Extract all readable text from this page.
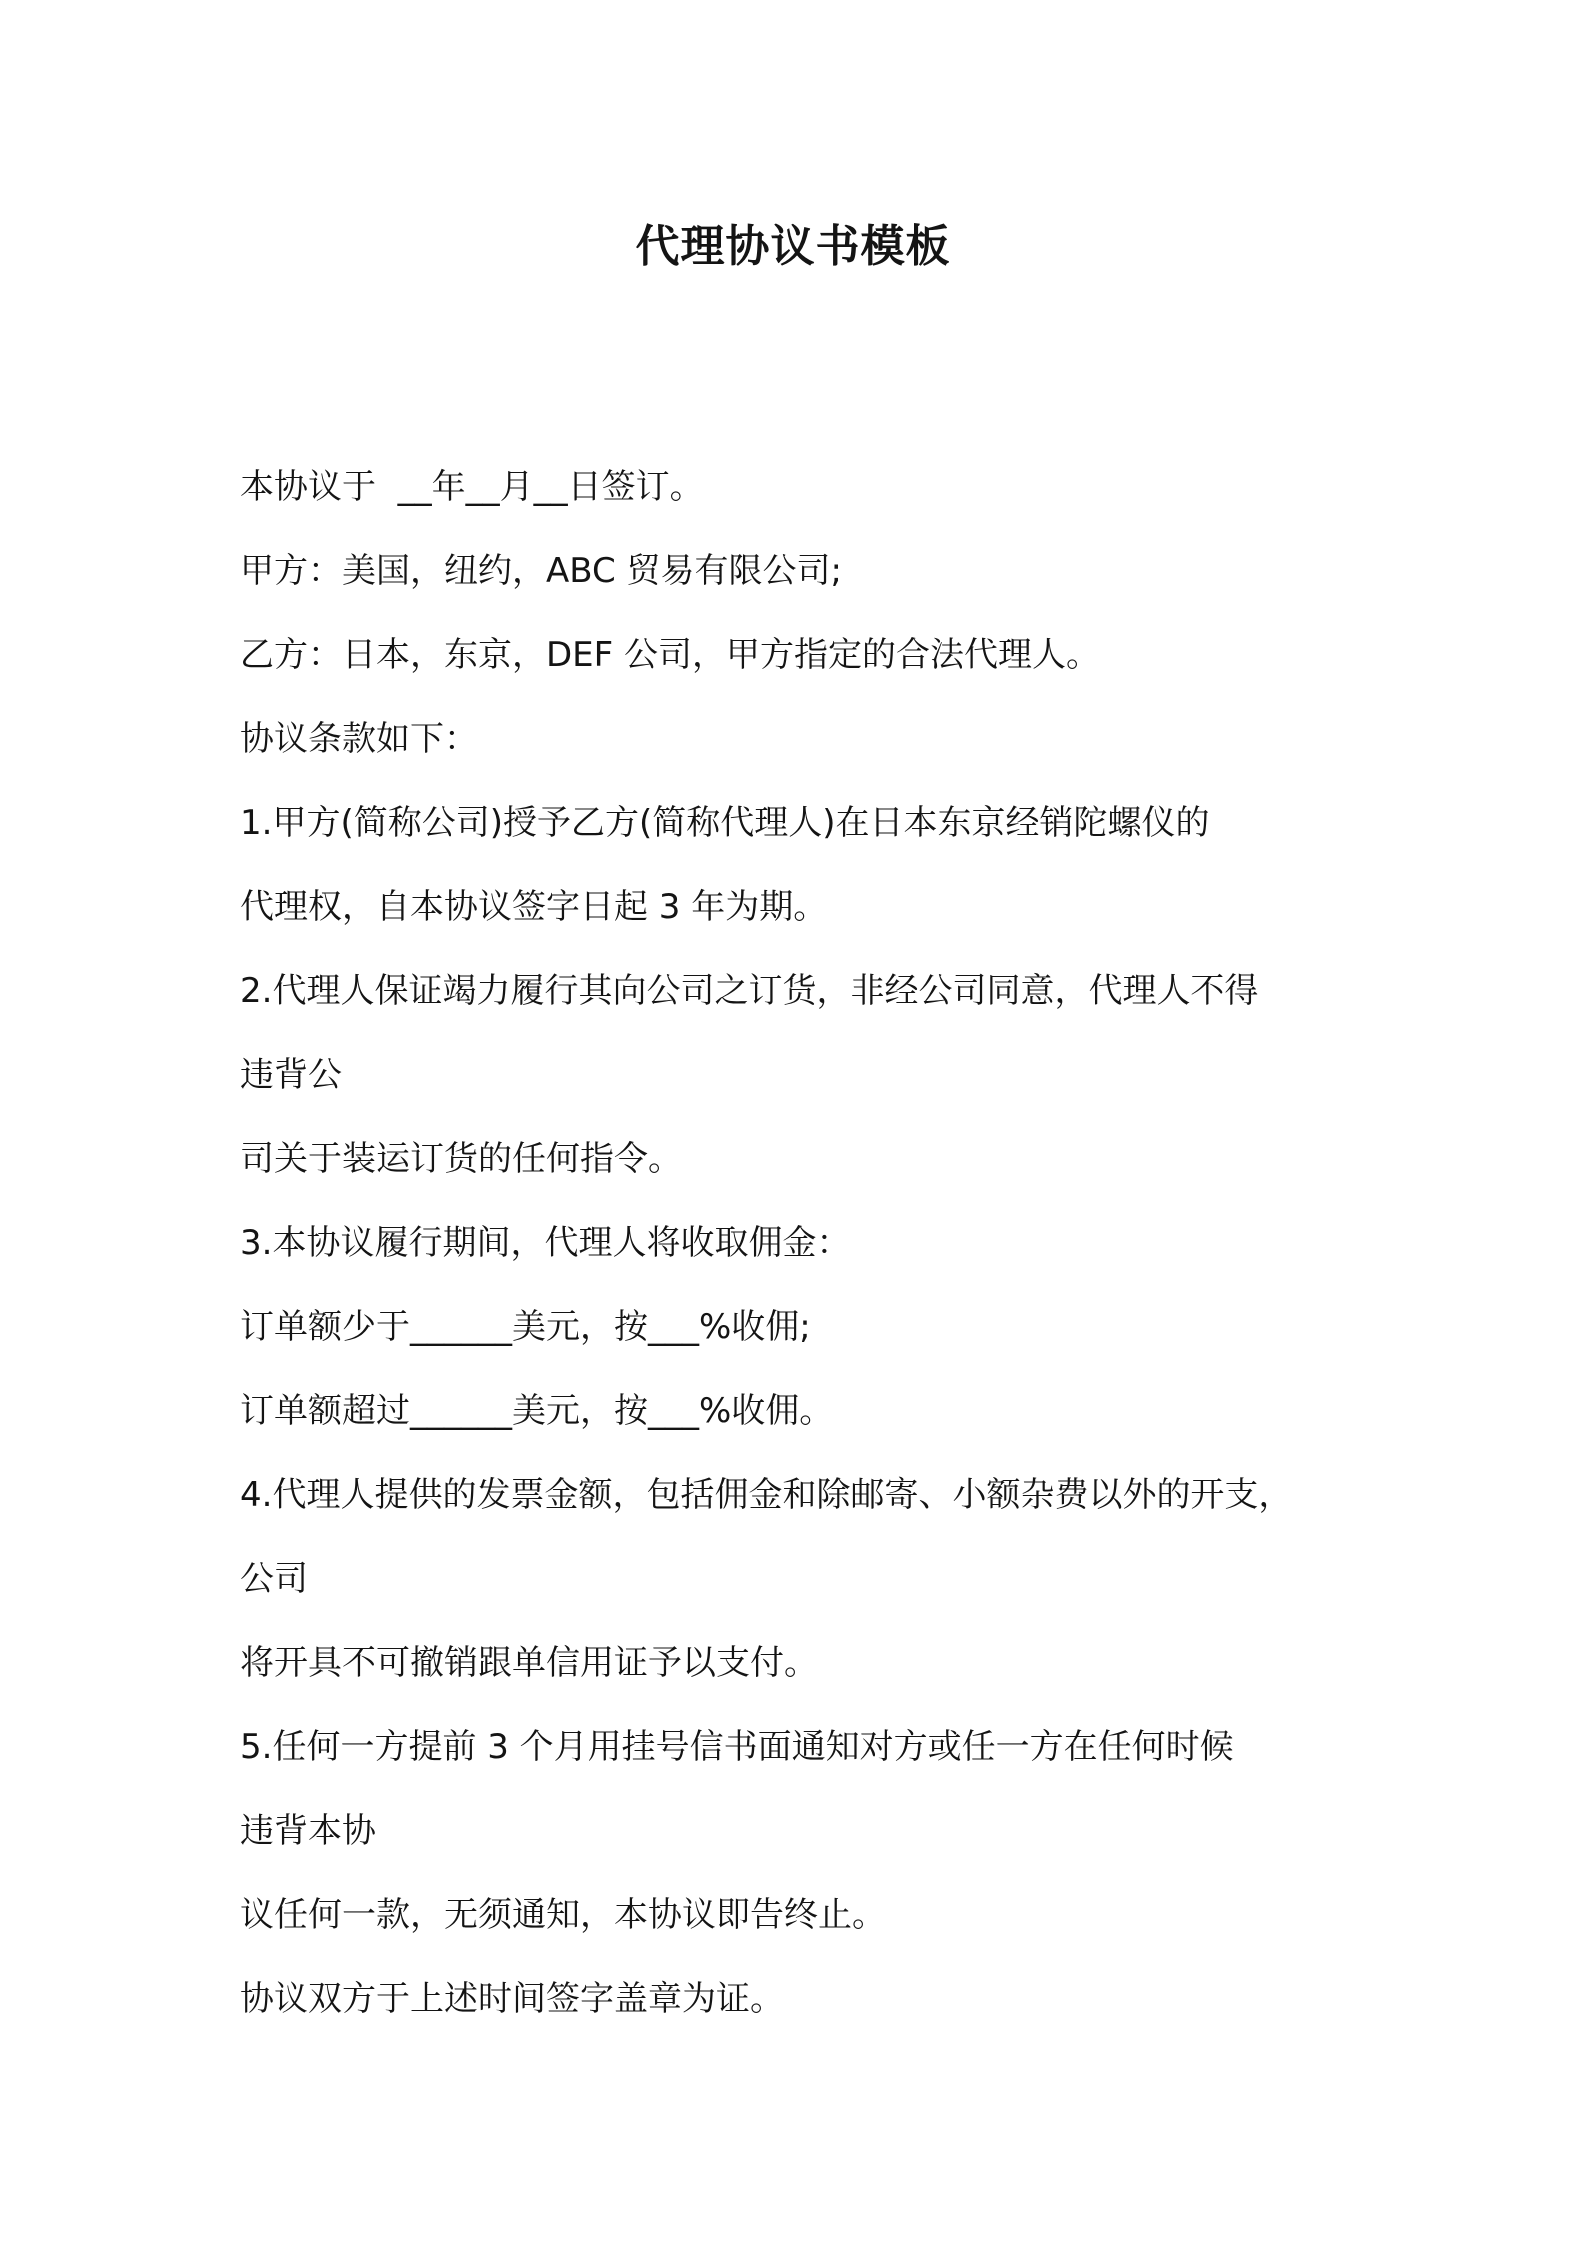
代理协议书模板

本协议于  __年__月__日签订。

甲方：美国，纽约，ABC 贸易有限公司;

乙方：日本，东京，DEF 公司，甲方指定的合法代理人。

协议条款如下：

1.甲方(简称公司)授予乙方(简称代理人)在日本东京经销陀螺仪的

代理权，自本协议签字日起 3 年为期。

2.代理人保证竭力履行其向公司之订货，非经公司同意，代理人不得

违背公

司关于装运订货的任何指令。

3.本协议履行期间，代理人将收取佣金：

订单额少于______美元，按___%收佣;

订单额超过______美元，按___%收佣。

4.代理人提供的发票金额，包括佣金和除邮寄、小额杂费以外的开支，

公司

将开具不可撤销跟单信用证予以支付。

5.任何一方提前 3 个月用挂号信书面通知对方或任一方在任何时候

违背本协

议任何一款，无须通知，本协议即告终止。

协议双方于上述时间签字盖章为证。
